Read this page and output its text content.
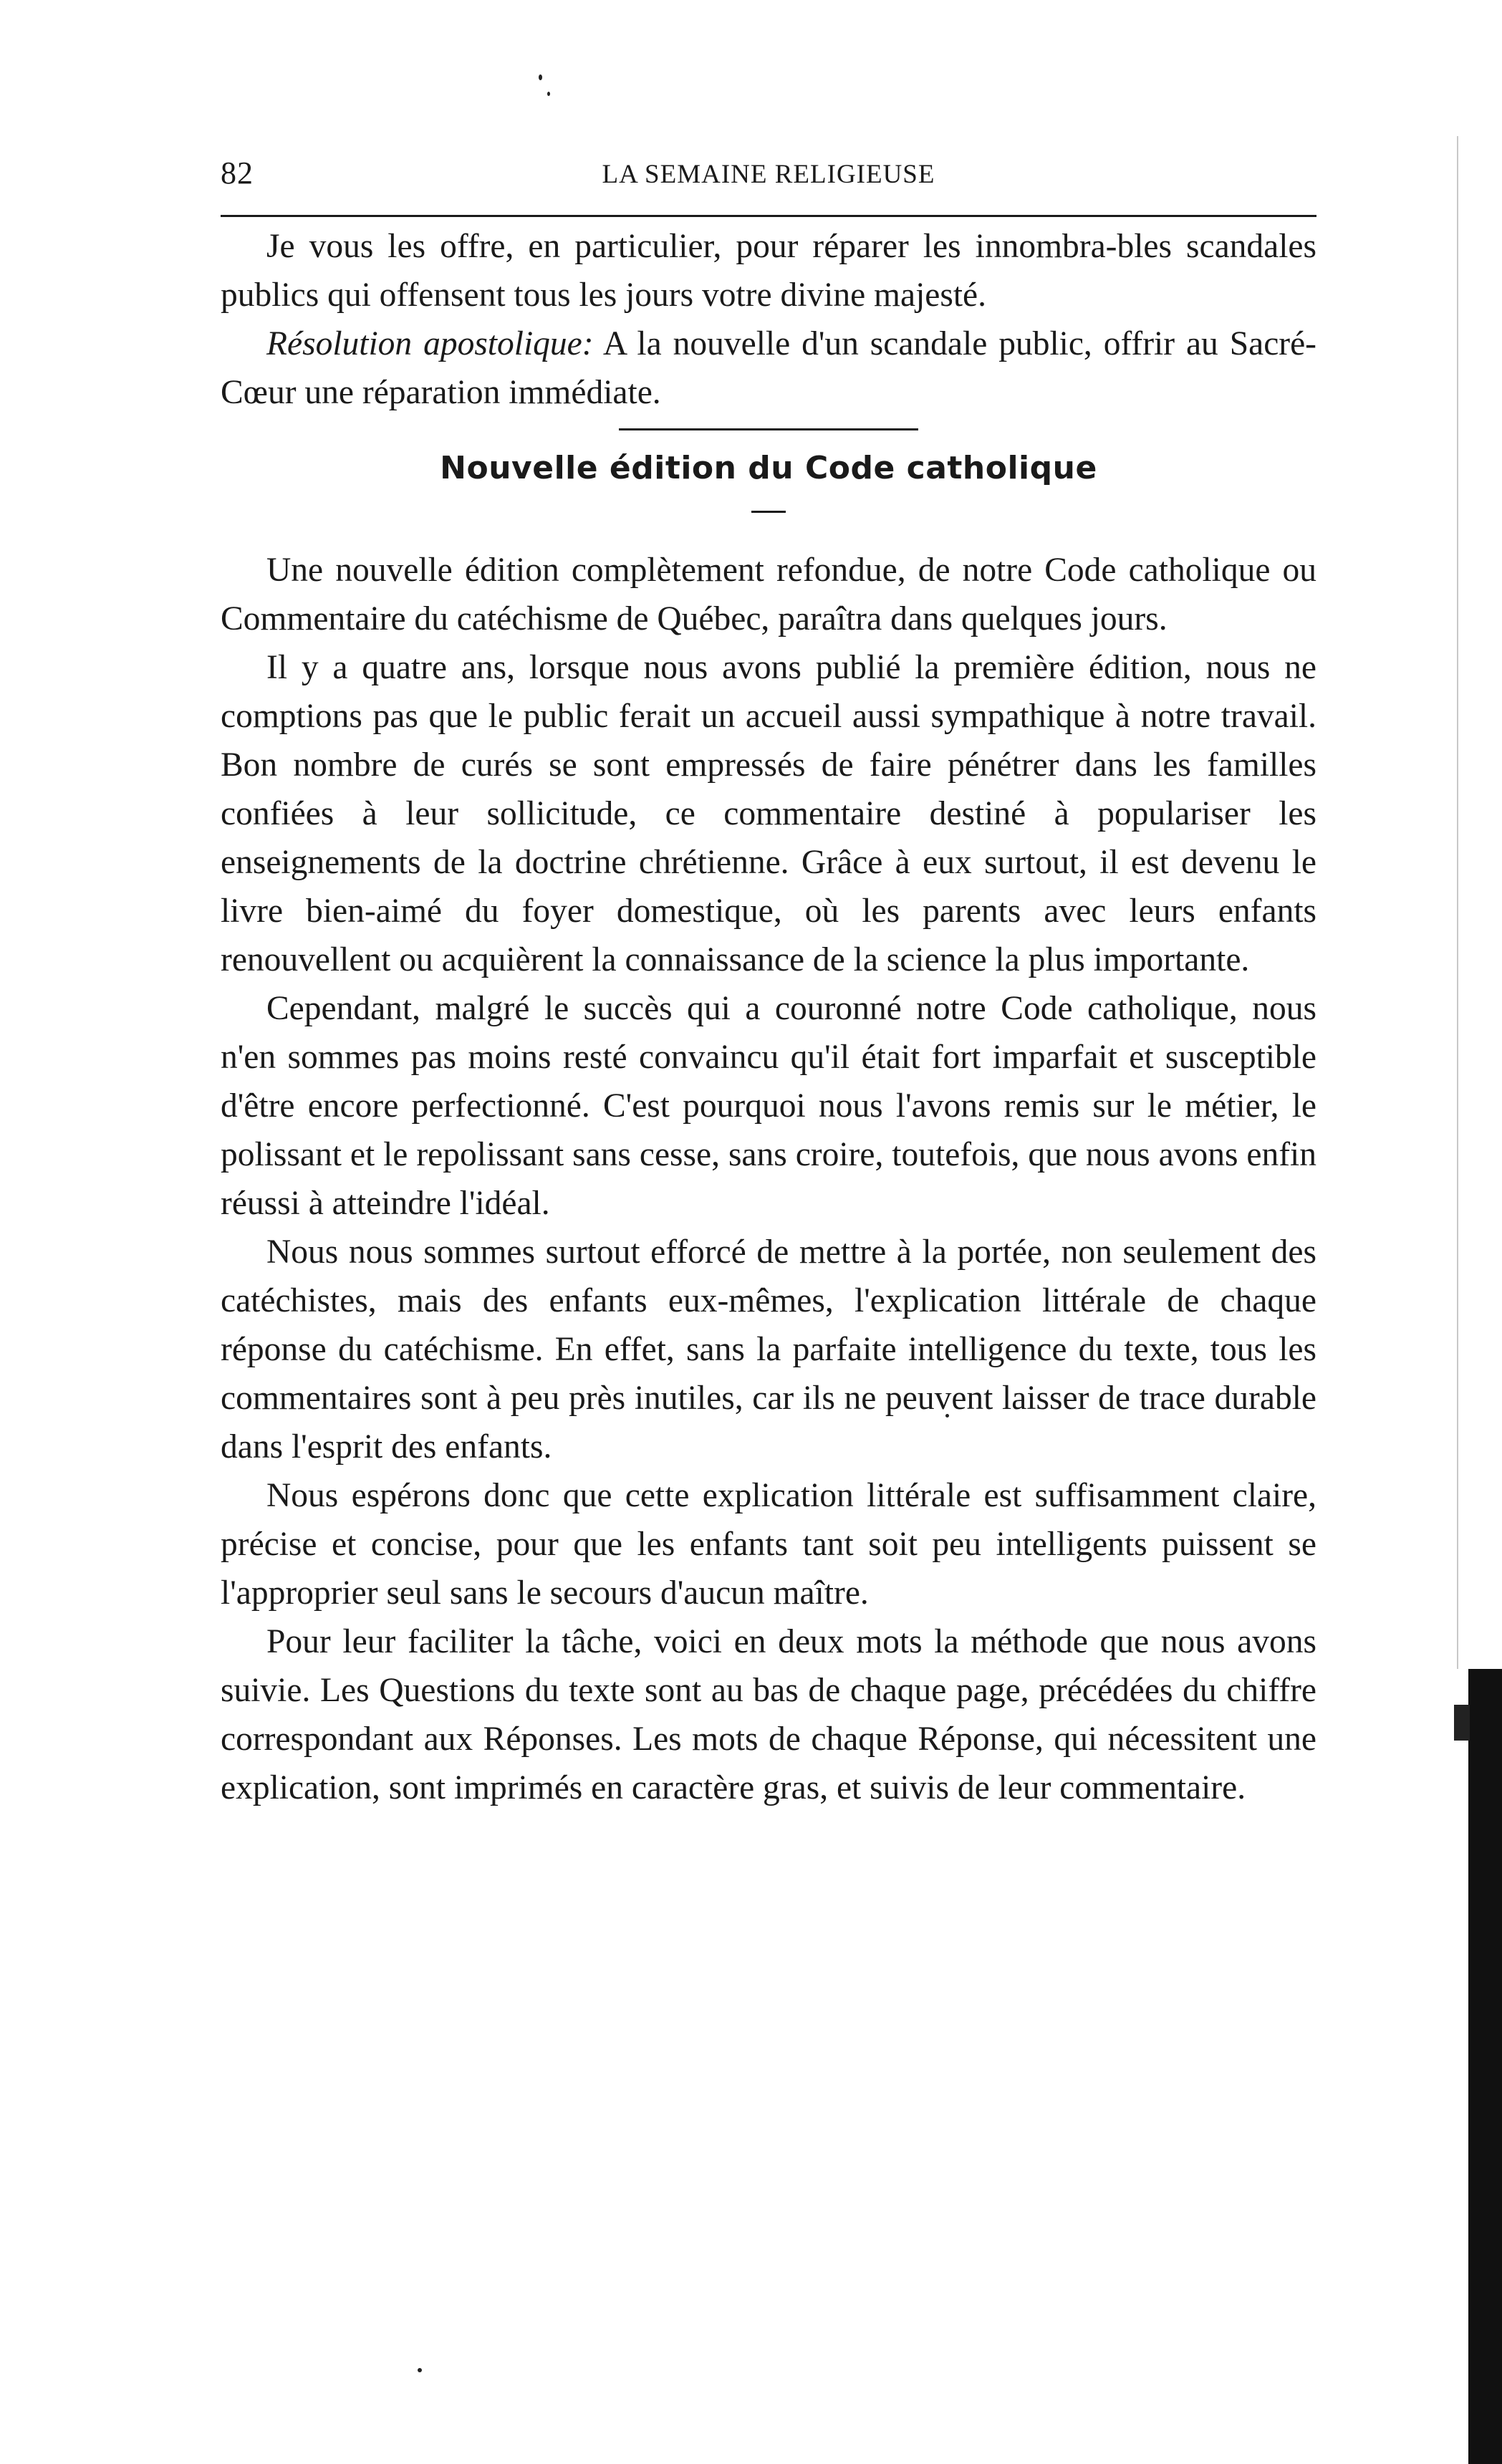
82	LA SEMAINE RELIGIEUSE

Je vous les offre, en particulier, pour réparer les innombra-bles scandales publics qui offensent tous les jours votre divine majesté.

Résolution apostolique: A la nouvelle d'un scandale public, offrir au Sacré-Cœur une réparation immédiate.

Nouvelle édition du Code catholique

Une nouvelle édition complètement refondue, de notre Code catholique ou Commentaire du catéchisme de Québec, paraîtra dans quelques jours.

Il y a quatre ans, lorsque nous avons publié la première édition, nous ne comptions pas que le public ferait un accueil aussi sympathique à notre travail. Bon nombre de curés se sont empressés de faire pénétrer dans les familles confiées à leur sollicitude, ce commentaire destiné à populariser les enseignements de la doctrine chrétienne. Grâce à eux surtout, il est devenu le livre bien-aimé du foyer domestique, où les parents avec leurs enfants renouvellent ou acquièrent la connaissance de la science la plus importante.

Cependant, malgré le succès qui a couronné notre Code catholique, nous n'en sommes pas moins resté convaincu qu'il était fort imparfait et susceptible d'être encore perfectionné. C'est pourquoi nous l'avons remis sur le métier, le polissant et le repolissant sans cesse, sans croire, toutefois, que nous avons enfin réussi à atteindre l'idéal.

Nous nous sommes surtout efforcé de mettre à la portée, non seulement des catéchistes, mais des enfants eux-mêmes, l'explication littérale de chaque réponse du catéchisme. En effet, sans la parfaite intelligence du texte, tous les commentaires sont à peu près inutiles, car ils ne peuvent laisser de trace durable dans l'esprit des enfants.

Nous espérons donc que cette explication littérale est suffisamment claire, précise et concise, pour que les enfants tant soit peu intelligents puissent se l'approprier seul sans le secours d'aucun maître.

Pour leur faciliter la tâche, voici en deux mots la méthode que nous avons suivie. Les Questions du texte sont au bas de chaque page, précédées du chiffre correspondant aux Réponses. Les mots de chaque Réponse, qui nécessitent une explication, sont imprimés en caractère gras, et suivis de leur commentaire.
